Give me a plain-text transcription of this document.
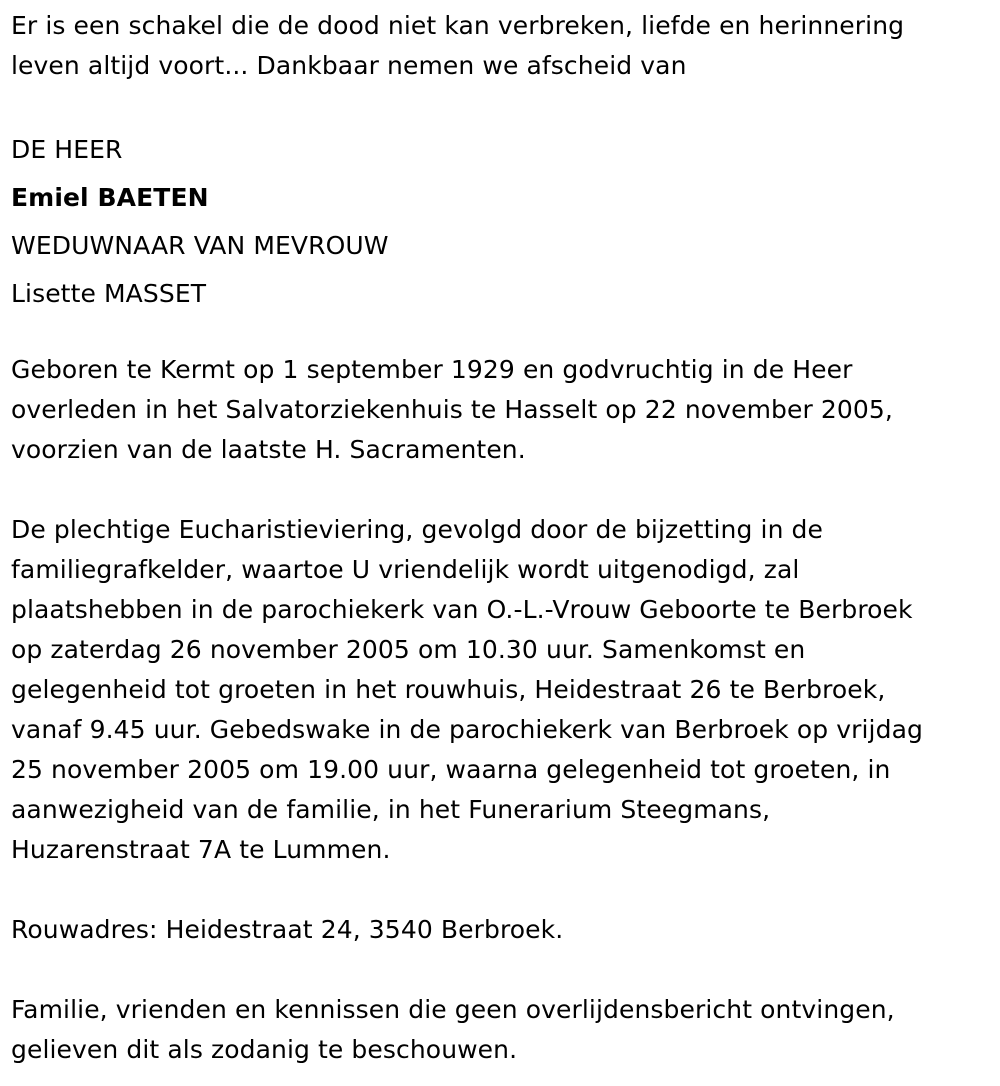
Er is een schakel die de dood niet kan verbreken, liefde en herinnering
leven altijd voort... Dankbaar nemen we afscheid van
DE HEER
Emiel BAETEN
WEDUWNAAR VAN MEVROUW
Lisette MASSET
Geboren te Kermt op 1 september 1929 en godvruchtig in de Heer
overleden in het Salvatorziekenhuis te Hasselt op 22 november 2005,
voorzien van de laatste H. Sacramenten.
De plechtige Eucharistieviering, gevolgd door de bijzetting in de
familiegrafkelder, waartoe U vriendelijk wordt uitgenodigd, zal
plaatshebben in de parochiekerk van O.-L.-Vrouw Geboorte te Berbroek
op zaterdag 26 november 2005 om 10.30 uur. Samenkomst en
gelegenheid tot groeten in het rouwhuis, Heidestraat 26 te Berbroek,
vanaf 9.45 uur. Gebedswake in de parochiekerk van Berbroek op vrijdag
25 november 2005 om 19.00 uur, waarna gelegenheid tot groeten, in
aanwezigheid van de familie, in het Funerarium Steegmans,
Huzarenstraat 7A te Lummen.
Rouwadres: Heidestraat 24, 3540 Berbroek.
Familie, vrienden en kennissen die geen overlijdensbericht ontvingen,
gelieven dit als zodanig te beschouwen.
